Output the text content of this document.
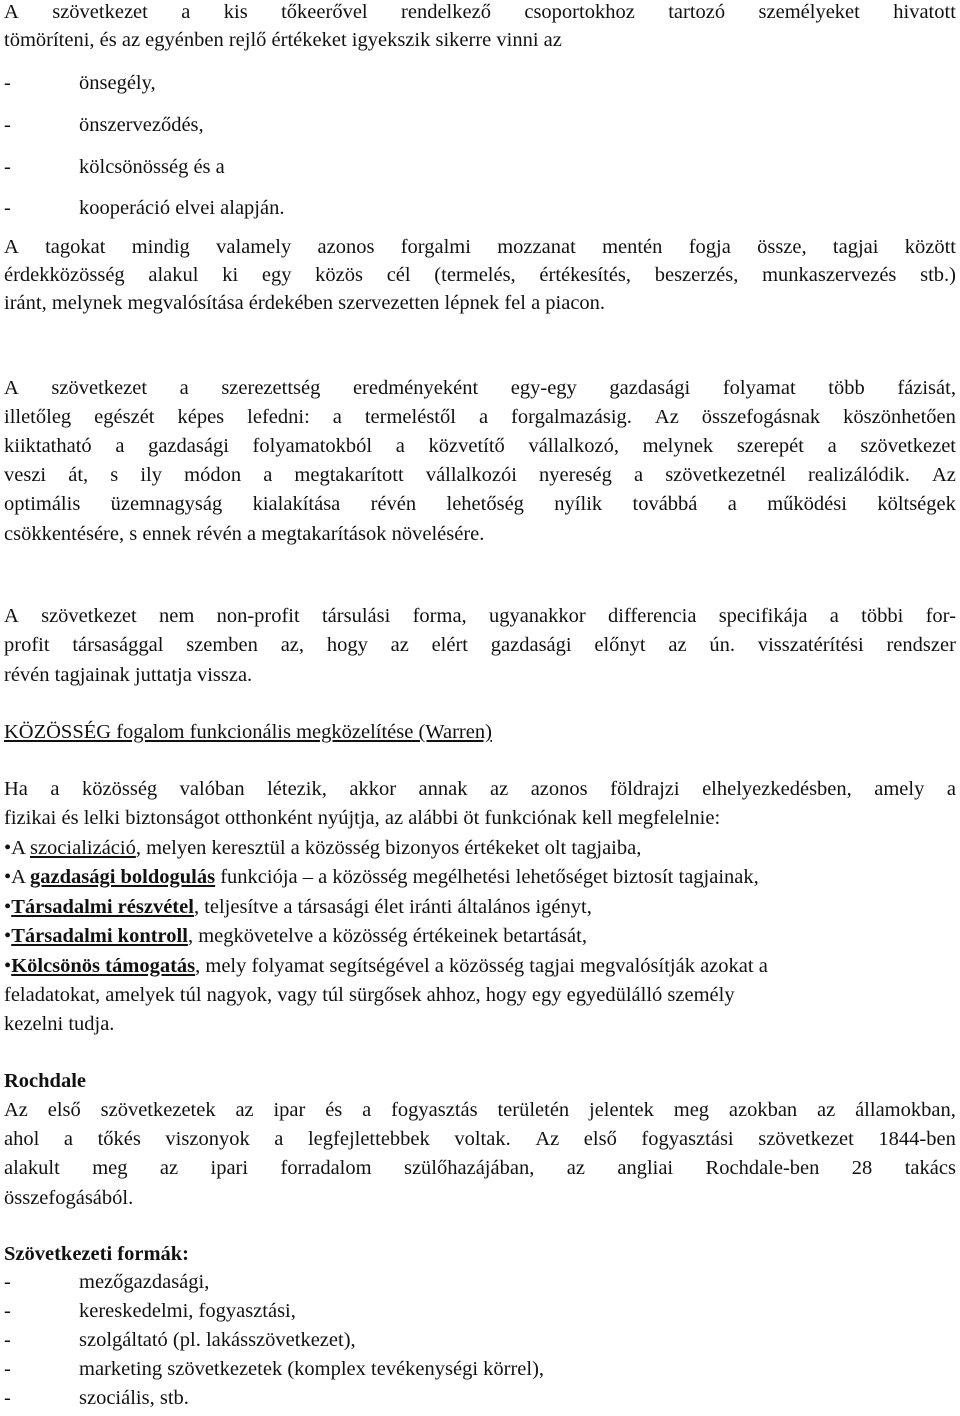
A szövetkezet a kis tőkeerővel rendelkező csoportokhoz tartozó személyeket hivatott
tömöríteni, és az egyénben rejlő értékeket igyekszik sikerre vinni az
-	önsegély,
-	önszerveződés,
-	kölcsönösség és a
-	kooperáció elvei alapján.
A tagokat mindig valamely azonos forgalmi mozzanat mentén fogja össze, tagjai között
érdekközösség alakul ki egy közös cél (termelés, értékesítés, beszerzés, munkaszervezés stb.)
iránt, melynek megvalósítása érdekében szervezetten lépnek fel a piacon.
A szövetkezet a szerezettség eredményeként egy-egy gazdasági folyamat több fázisát,
illetőleg egészét képes lefedni: a termeléstől a forgalmazásig. Az összefogásnak köszönhetően
kiiktatható a gazdasági folyamatokból a közvetítő vállalkozó, melynek szerepét a szövetkezet
veszi át, s ily módon a megtakarított vállalkozói nyereség a szövetkezetnél realizálódik. Az
optimális üzemnagyság kialakítása révén lehetőség nyílik továbbá a működési költségek
csökkentésére, s ennek révén a megtakarítások növelésére.
A szövetkezet nem non-profit társulási forma, ugyanakkor differencia specifikája a többi for-
profit társasággal szemben az, hogy az elért gazdasági előnyt az ún. visszatérítési rendszer
révén tagjainak juttatja vissza.
KÖZÖSSÉG fogalom funkcionális megközelítése (Warren)
Ha a közösség valóban létezik, akkor annak az azonos földrajzi elhelyezkedésben, amely a
fizikai és lelki biztonságot otthonként nyújtja, az alábbi öt funkciónak kell megfelelnie:
•A szocializáció, melyen keresztül a közösség bizonyos értékeket olt tagjaiba,
•A gazdasági boldogulás funkciója – a közösség megélhetési lehetőséget biztosít tagjainak,
•Társadalmi részvétel, teljesítve a társasági élet iránti általános igényt,
•Társadalmi kontroll, megkövetelve a közösség értékeinek betartását,
•Kölcsönös támogatás, mely folyamat segítségével a közösség tagjai megvalósítják azokat a
feladatokat, amelyek túl nagyok, vagy túl sürgősek ahhoz, hogy egy egyedülálló személy
kezelni tudja.
Rochdale
Az első szövetkezetek az ipar és a fogyasztás területén jelentek meg azokban az államokban,
ahol a tőkés viszonyok a legfejlettebbek voltak. Az első fogyasztási szövetkezet 1844-ben
alakult meg az ipari forradalom szülőhazájában, az angliai Rochdale-ben 28 takács
összefogásából.
Szövetkezeti formák:
-	mezőgazdasági,
-	kereskedelmi, fogyasztási,
-	szolgáltató (pl. lakásszövetkezet),
-	marketing szövetkezetek (komplex tevékenységi körrel),
-	szociális, stb.
